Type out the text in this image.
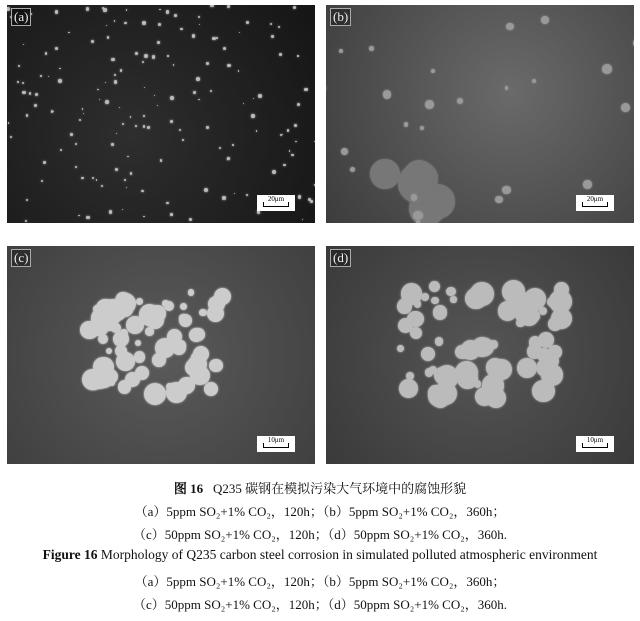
(a)
20μm
(b)
20μm
(c)
10μm
(d)
10μm
图 16 Q235 碳钢在模拟污染大气环境中的腐蚀形貌
（a）5ppm SO₂+1% CO₂，120h；（b）5ppm SO₂+1% CO₂，360h；
（c）50ppm SO₂+1% CO₂，120h；（d）50ppm SO₂+1% CO₂，360h.
Figure 16 Morphology of Q235 carbon steel corrosion in simulated polluted atmospheric environment
（a）5ppm SO₂+1% CO₂，120h；（b）5ppm SO₂+1% CO₂，360h；
（c）50ppm SO₂+1% CO₂，120h；（d）50ppm SO₂+1% CO₂，360h.
